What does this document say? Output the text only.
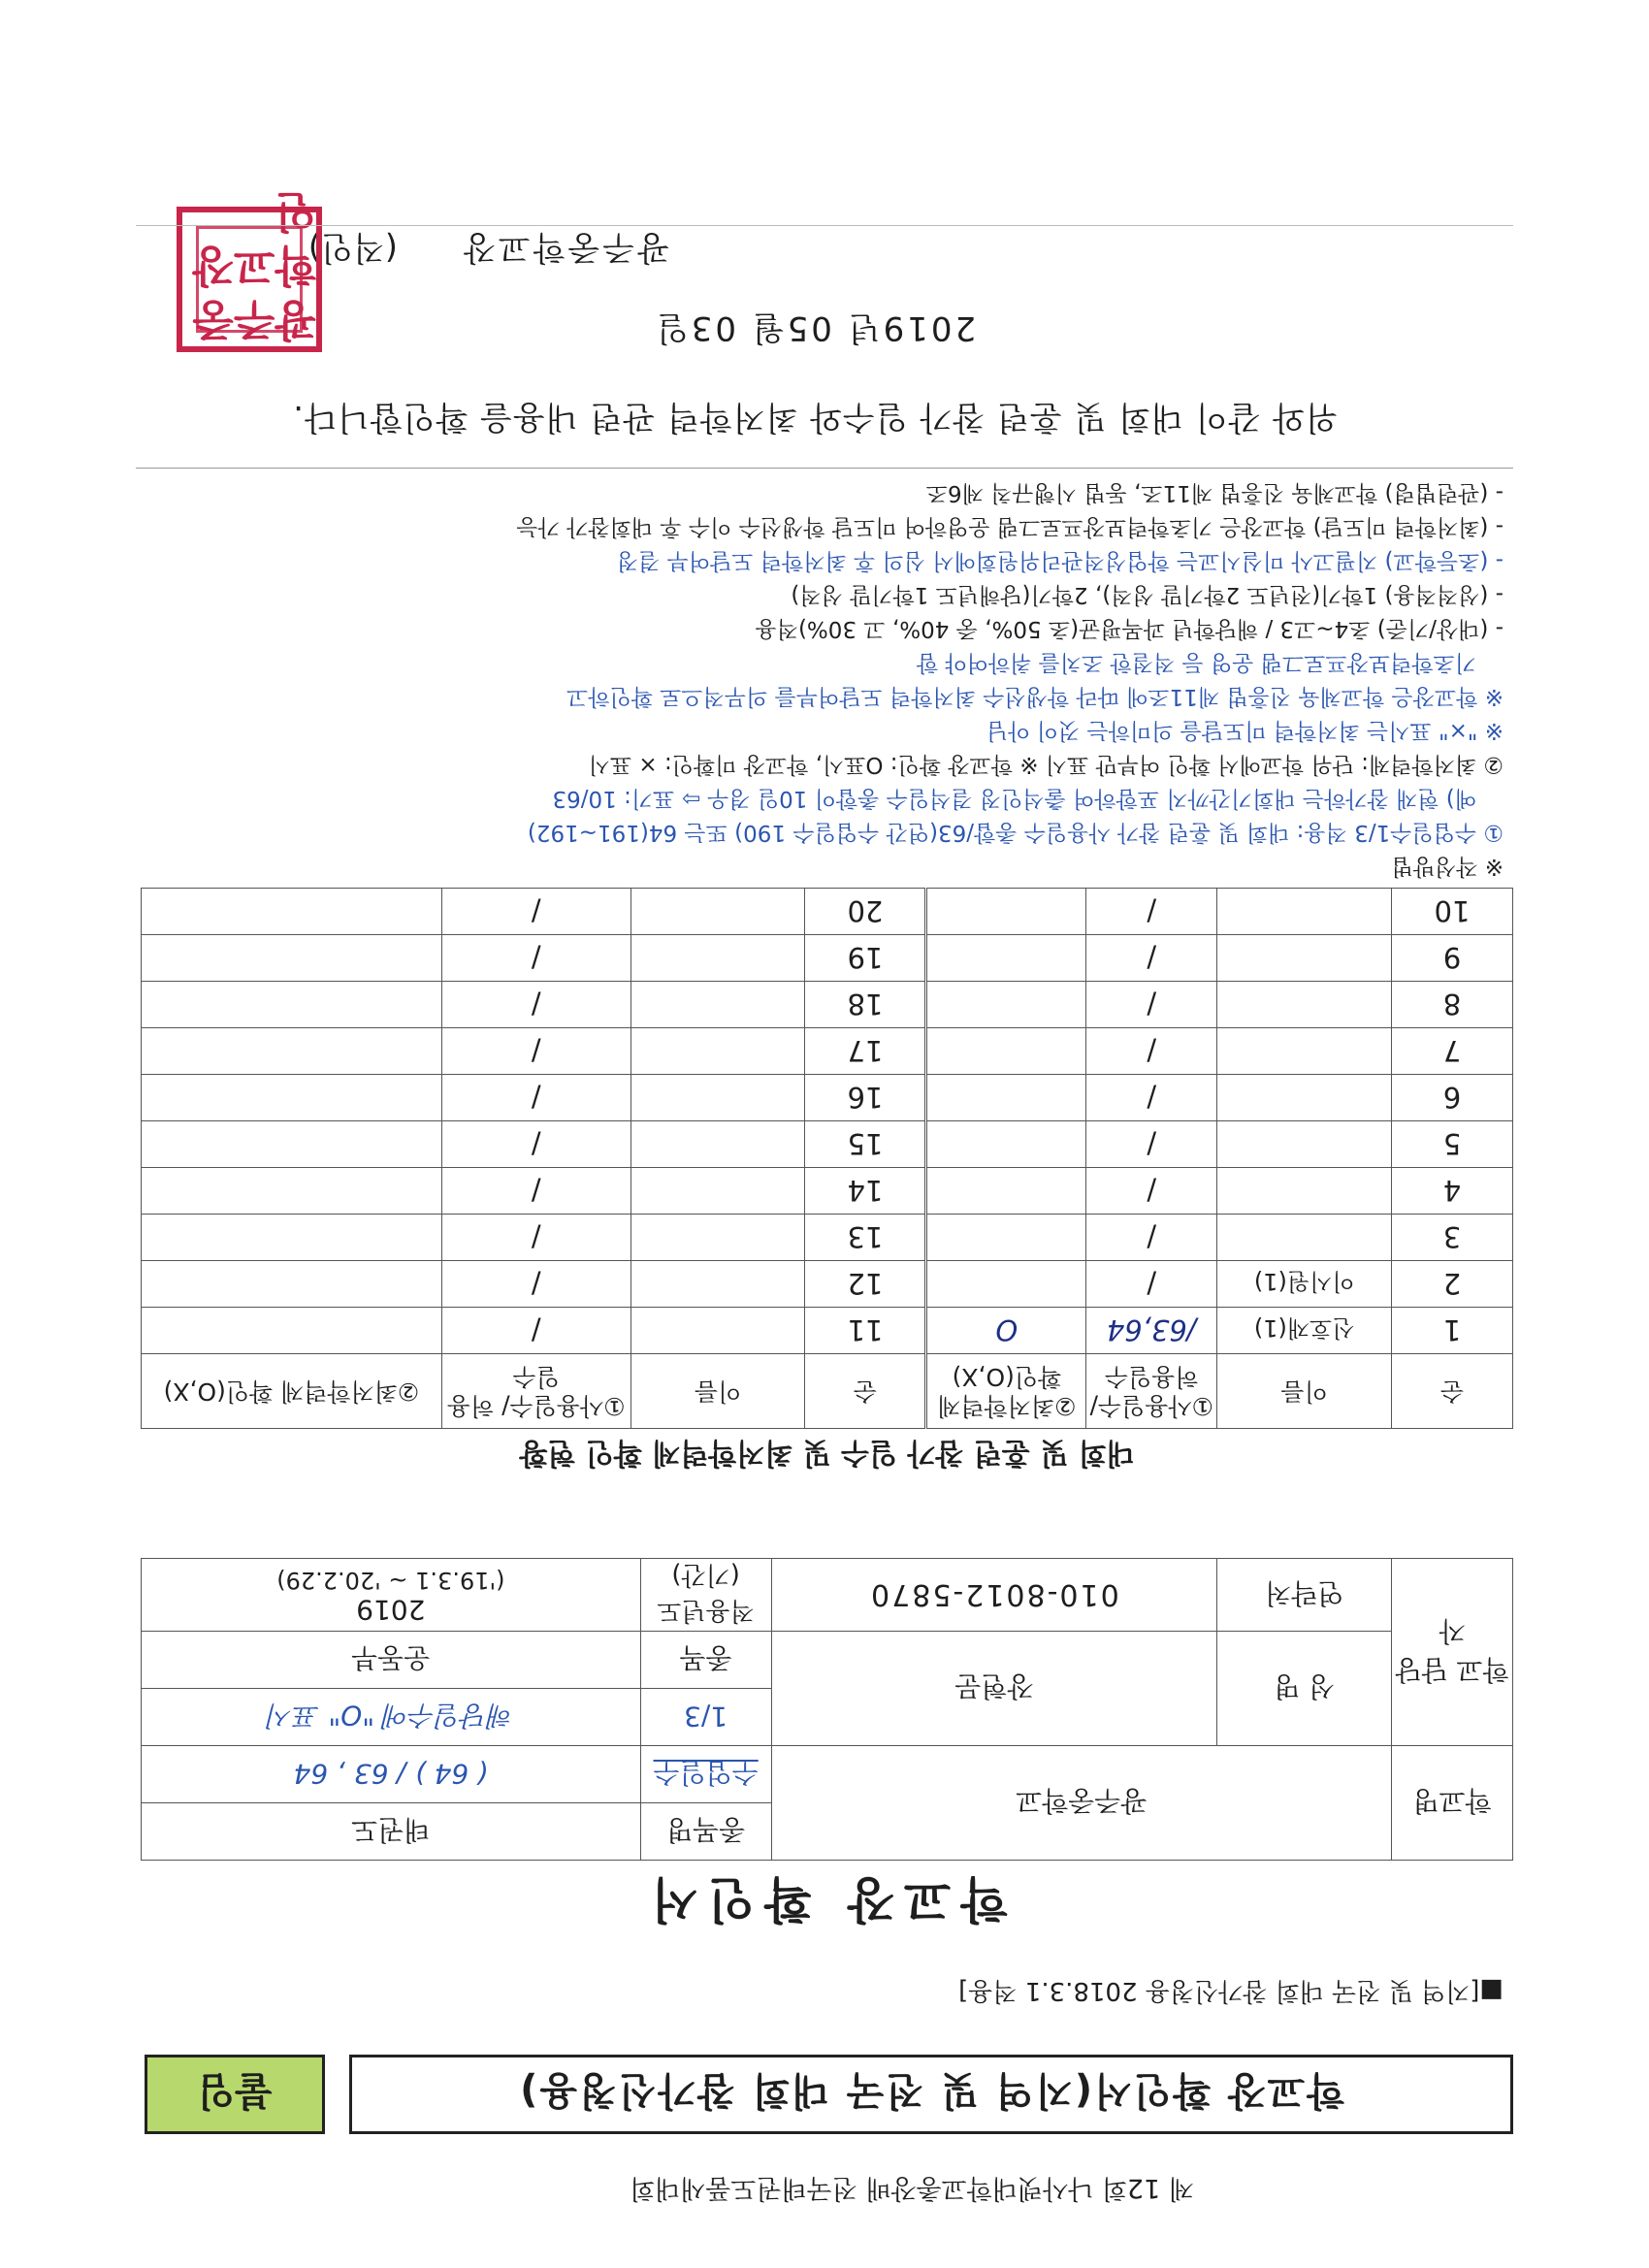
제 12회 나사렛대학교총장배 전국태권도품새대회
학교장 확인서(지역 및 전국 대회 참가신청용)
붙임
■[지역 및 전국 대회 참가신청용 2018.3.1 적용]
학교장 확인서
학교명	광주중학교		종목명	태권도
			수업일수	( 64 ) / 63 , 64
학교 담당자	성 명	장현문	1/3	해당일수에 "O" 표시
			종목	운동부
	연락처	010-8012-5870	적용년도 (기간)	2019
('19.3.1 ~ '20.2.29)
대회 및 훈련 참가 일수 및 최저학력제 확인 현황
순	이름	①사용일수/ 허용일수	②최저학력제 확인(O,X)	순	이름	①사용일수/ 허용일수	②최저학력제 확인(O,X)
1	신호재(1)	/63,64	O	11		/	
2	이시원(1)	/		12		/	
3		/		13		/	
4		/		14		/	
5		/		15		/	
6		/		16		/	
7		/		17		/	
8		/		18		/	
9		/		19		/	
10		/		20		/	
※ 작성방법
① 수업일수1/3 적용: 대회 및 훈련 참가 사용일수 총합/63(연간 수업일수 190) 또는 64(191~192)
예) 현재 참가하는 대회기간까지 포함하여 출석인정 결석일수 총합이 10일 경우 ⇨ 표기: 10/63
② 최저학력제: 단위 학교에서 확인 여부만 표시 ※ 학교장 확인: O표시, 학교장 미확인: × 표시
※ "×" 표시는 최저학력 미도달을 의미하는 것이 아님
※ 학교장은 학교체육 진흥법 제11조에 따라 학생선수 최저학력 도달여부를 의무적으로 확인하고
기초학력보장프로그램 운영 등 적절한 조치를 취하여야 함
- (대상/기준) 초4~고3 / 해당학년 과목평균(초 50%, 중 40%, 고 30%)적용
- (성적적용) 1학기(전년도 2학기말 성적), 2학기(당해년도 1학기말 성적)
- (초등학교) 지필고사 미실시교는 학업성적관리위원회에서 심의 후 최저학력 도달여부 결정
- (최저학력 미도달) 학교장은 기초학력보장프로그램 운영하여 미도달 학생선수 이수 후 대회참가 가능
- (관련법령) 학교체육 진흥법 제11조, 동법 시행규칙 제6조
위와 같이 대회 및 훈련 참가 일수와 최저학력 관련 내용을 확인합니다.
2019년 05월 03일
광주중학교장
(직인)
광주중학교장인
